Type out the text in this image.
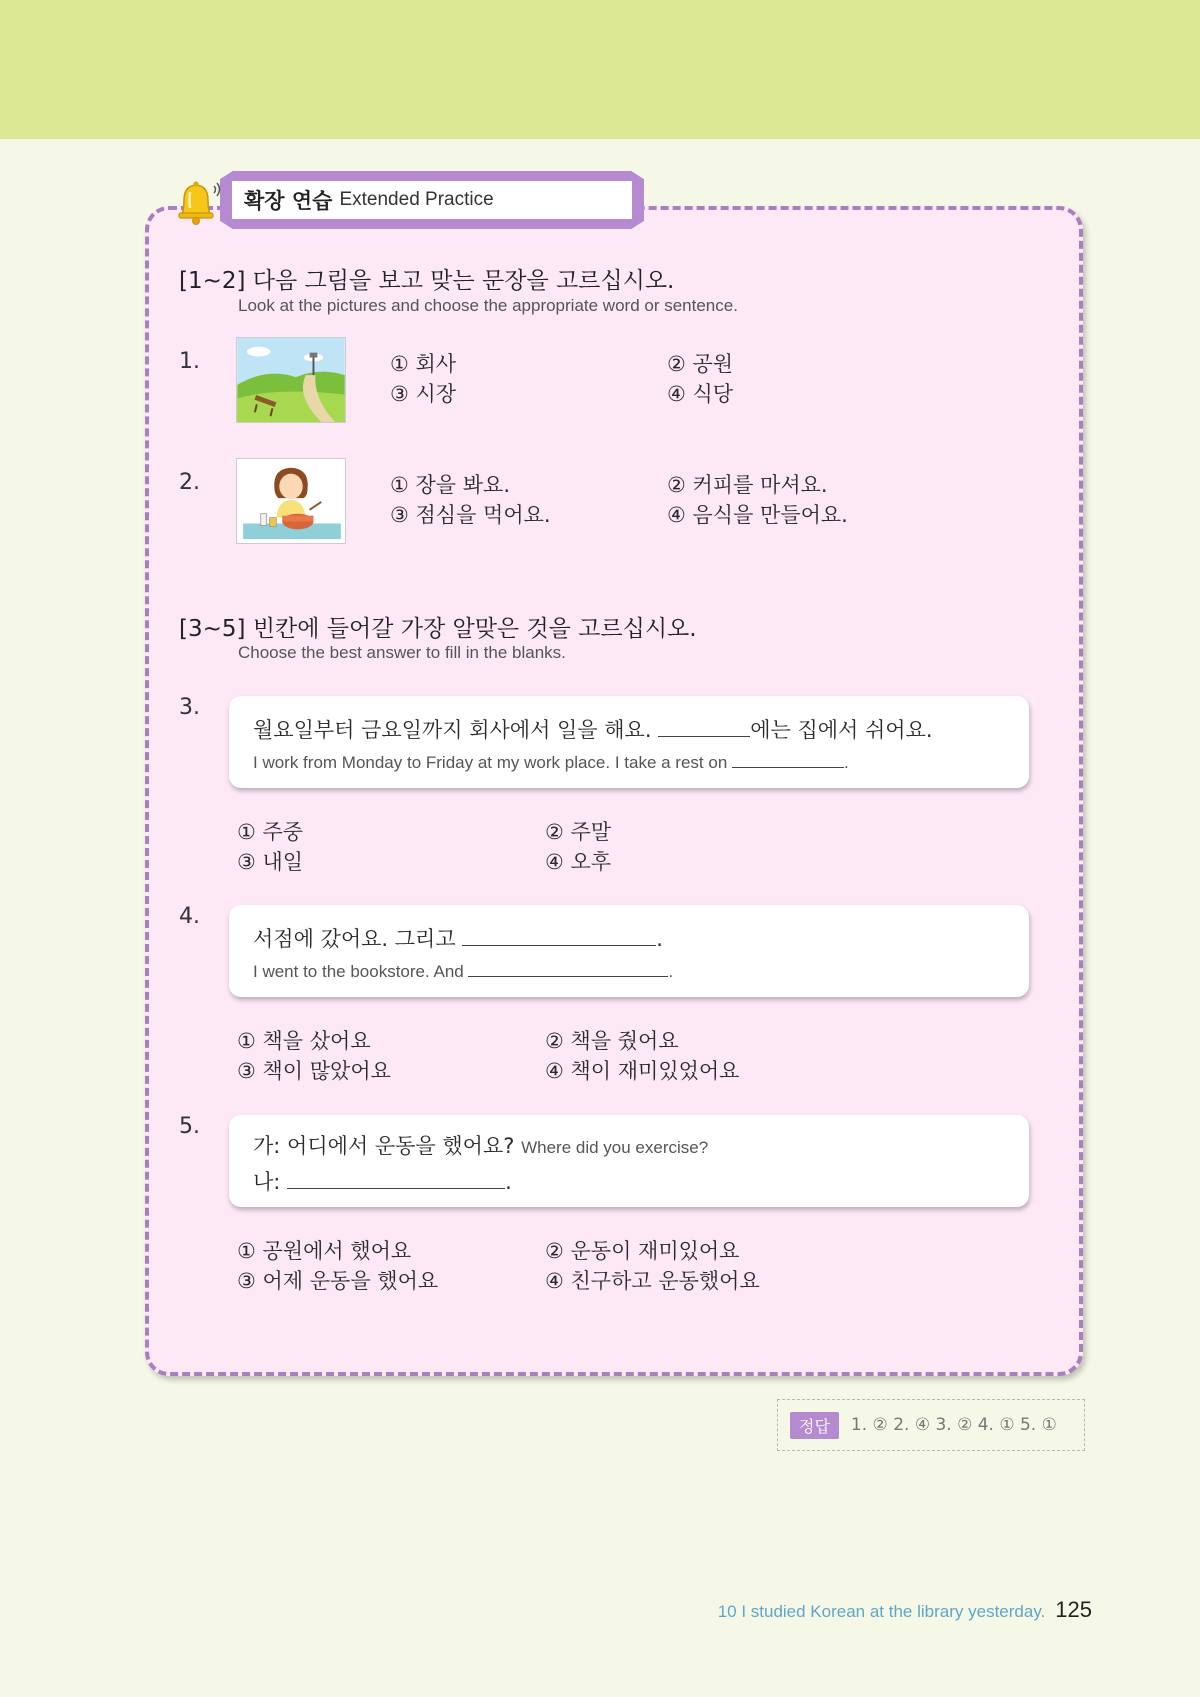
확장 연습 Extended Practice
[1~2] 다음 그림을 보고 맞는 문장을 고르십시오.
Look at the pictures and choose the appropriate word or sentence.
1.	① 회사	② 공원
③ 시장	④ 식당
2.	① 장을 봐요.	② 커피를 마셔요.
③ 점심을 먹어요.	④ 음식을 만들어요.
[3~5] 빈칸에 들어갈 가장 알맞은 것을 고르십시오.
Choose the best answer to fill in the blanks.
3.
월요일부터 금요일까지 회사에서 일을 해요.	에는 집에서 쉬어요.
I work from Monday to Friday at my work place. I take a rest on	.
① 주중	② 주말
③ 내일	④ 오후
4.
서점에 갔어요. 그리고	.
I went to the bookstore. And	.
① 책을 샀어요	② 책을 줬어요
③ 책이 많았어요	④ 책이 재미있었어요
5.
가: 어디에서 운동을 했어요? Where did you exercise?
나:	.
① 공원에서 했어요	② 운동이 재미있어요
③ 어제 운동을 했어요	④ 친구하고 운동했어요
정답	1. ② 2. ④ 3. ② 4. ① 5. ①
10 I studied Korean at the library yesterday. 125
